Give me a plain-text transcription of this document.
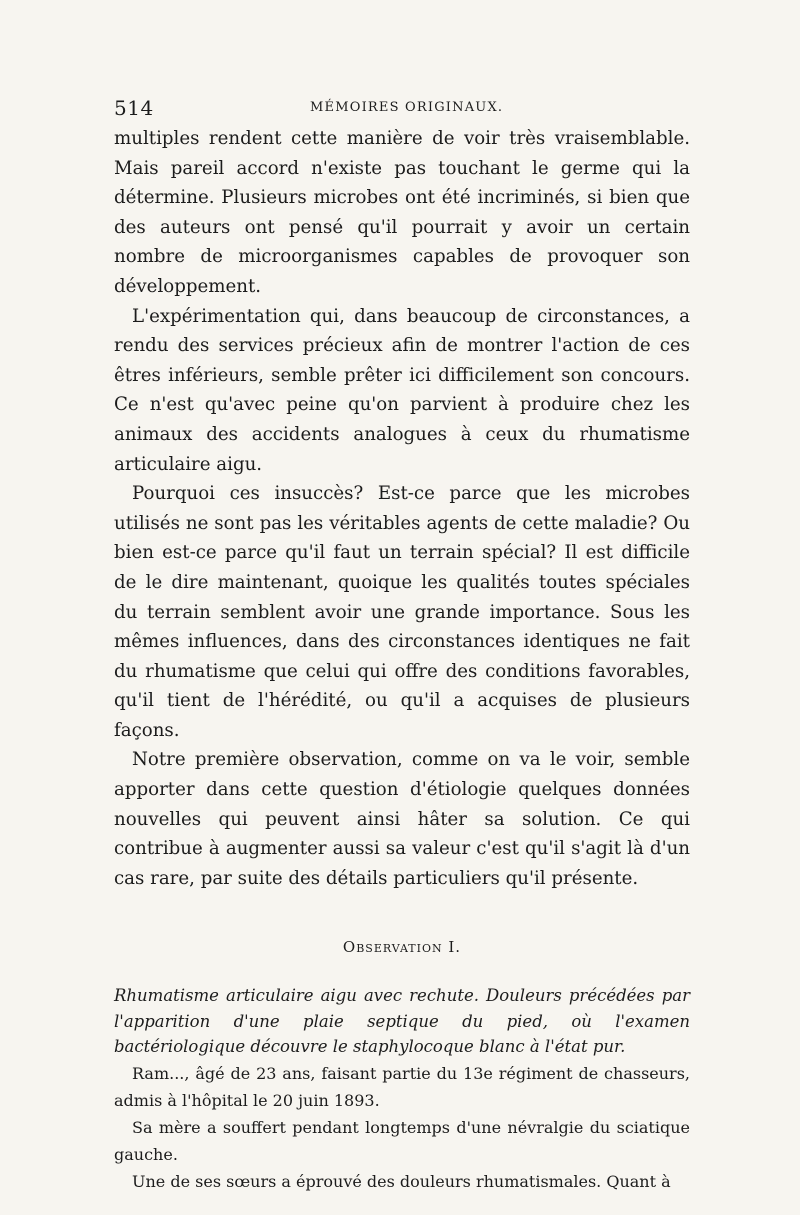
514	MÉMOIRES ORIGINAUX.

multiples rendent cette manière de voir très vraisemblable. Mais pareil accord n'existe pas touchant le germe qui la détermine. Plusieurs microbes ont été incriminés, si bien que des auteurs ont pensé qu'il pourrait y avoir un certain nombre de microorganismes capables de provoquer son développement.

L'expérimentation qui, dans beaucoup de circonstances, a rendu des services précieux afin de montrer l'action de ces êtres inférieurs, semble prêter ici difficilement son concours. Ce n'est qu'avec peine qu'on parvient à produire chez les animaux des accidents analogues à ceux du rhumatisme articulaire aigu.

Pourquoi ces insuccès? Est-ce parce que les microbes utilisés ne sont pas les véritables agents de cette maladie? Ou bien est-ce parce qu'il faut un terrain spécial? Il est difficile de le dire maintenant, quoique les qualités toutes spéciales du terrain semblent avoir une grande importance. Sous les mêmes influences, dans des circonstances identiques ne fait du rhumatisme que celui qui offre des conditions favorables, qu'il tient de l'hérédité, ou qu'il a acquises de plusieurs façons.

Notre première observation, comme on va le voir, semble apporter dans cette question d'étiologie quelques données nouvelles qui peuvent ainsi hâter sa solution. Ce qui contribue à augmenter aussi sa valeur c'est qu'il s'agit là d'un cas rare, par suite des détails particuliers qu'il présente.

Observation I.

Rhumatisme articulaire aigu avec rechute. Douleurs précédées par l'apparition d'une plaie septique du pied, où l'examen bactériologique découvre le staphylocoque blanc à l'état pur.

Ram..., âgé de 23 ans, faisant partie du 13e régiment de chasseurs, admis à l'hôpital le 20 juin 1893.

Sa mère a souffert pendant longtemps d'une névralgie du sciatique gauche.

Une de ses sœurs a éprouvé des douleurs rhumatismales. Quant à
